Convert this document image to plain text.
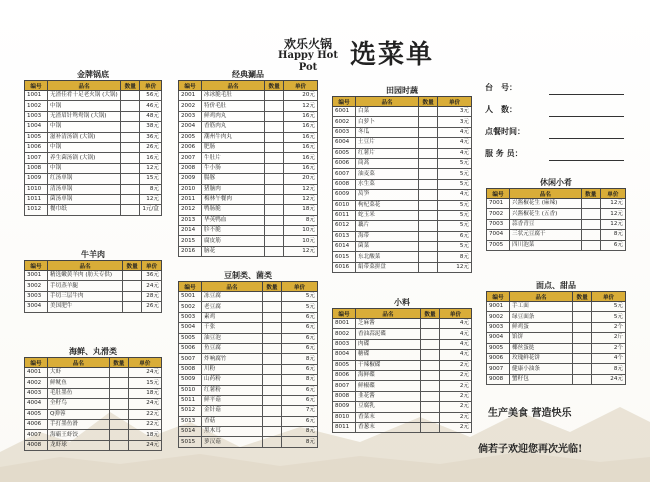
欢乐火锅
Happy Hot Pot	选菜单
金牌锅底
编号	品名	数量	单价
1001	无渣佳肴十足老火锅 (大锅)		56元
1002	中锅		46元
1003	无渣眉针鸳鸯锅 (大锅)		48元
1004	中锅		38元
1005	滋补清汤锅 (大锅)		36元
1006	中锅		26元
1007	养生菌汤锅 (大锅)		16元
1008	中锅		12元
1009	红汤单锅		15元
1010	清汤单锅		8元
1011	菌汤单锅		12元
1012	餐巾纸		1元/盒
牛羊肉
编号	品名	数量	单价
3001	精选嫩黄羊肉 (肪天专供)		36元
3002	手切蒸羊腿		24元
3003	手切三层牛肉		28元
3004	美国肥牛		26元
海鲜、丸滑类
编号	品名	数量	单价
4001	大虾		24元
4002	鲜鱿鱼		15元
4003	毛肚墨鱼		18元
4004	全籽鸟		24元
4005	Q弹蓉		22元
4006	手打墨鱼滑		22元
4007	海霸王虾饺		18元
4008	龙虾球		24元
经典涮品
编号	品名	数量	单价
2001	冰冰脆毛肚		20元
2002	特价毛肚		12元
2003	鲜鸡肉丸		16元
2004	香筋肉丸		16元
2005	潮州牛肉丸		16元
2006	肥肠		16元
2007	牛肚片		16元
2008	牛小肠		16元
2009	腸豚		20元
2010	猪脑肉		12元
2011	梅林午餐肉		12元
2012	鸭肠脆		18元
2013	华英鸭血		8元
2014	胗不脆		10元
2015	腐皮筋		10元
2016	脑花		12元
豆制类、菌类
编号	品名	数量	单价
5001	冻豆腐		5元
5002	老豆腐		5元
5003	素鸡		6元
5004	千张		6元
5005	油豆泡		6元
5006	鱼豆腐		6元
5007	炸响腐竹		8元
5008	川粉		6元
5009	山药粉		8元
5010	红薯粉		6元
5011	鲜平菇		6元
5012	金针菇		7元
5013	香菇		6元
5014	黑木耳		8元
5015	萝汉菇		8元
田园时蔬
编号	品名	数量	单价
6001	白菜		3元
6002	白萝卜		3元
6003	冬瓜		4元
6004	土豆片		4元
6005	红薯片		4元
6006	茼蒿		5元
6007	油麦菜		5元
6008	水生菜		5元
6009	莴笋		4元
6010	枸杞菜花		5元
6011	蛇玉米		5元
6012	藕片		5元
6013	海带		6元
6014	菌菜		5元
6015	东北酸菜		8元
6016	絹带菜拼盘		12元
小料
编号	品名	数量	单价
8001	芝麻酱		4元
8002	香油蒜泥碟		4元
8003	肉碟		4元
8004	糖碟		4元
8005	干辣椒碟		2元
8006	海鲜碟		2元
8007	鲜椒碟		2元
8008	韭花酱		2元
8009	豆腐乳		2元
8010	香菜末		2元
8011	香葱末		2元
休闲小肴
编号	品名	数量	单价
7001	兴酱椒花生 (麻辣)		12元
7002	兴酱椒花生 (五香)		12元
7003	蒜香青豆		12元
7004	三状元豆腐干		8元
7005	四川泡菜		6元
面点、甜品
编号	品名	数量	单价
9001	手工面		5元
9002	绿豆面条		5元
9003	鲜鸡蛋		2个
9004	馅饼		2斤
9005	椰丝蛋挞		2个
9006	玫瑰鲜花饼		4个
9007	健康小油条		8元
9008	蟹籽包		24元
台　号：
人　数：
点餐时间：
服 务 员：
生产美食 营造快乐
倘若子欢迎您再次光临!
